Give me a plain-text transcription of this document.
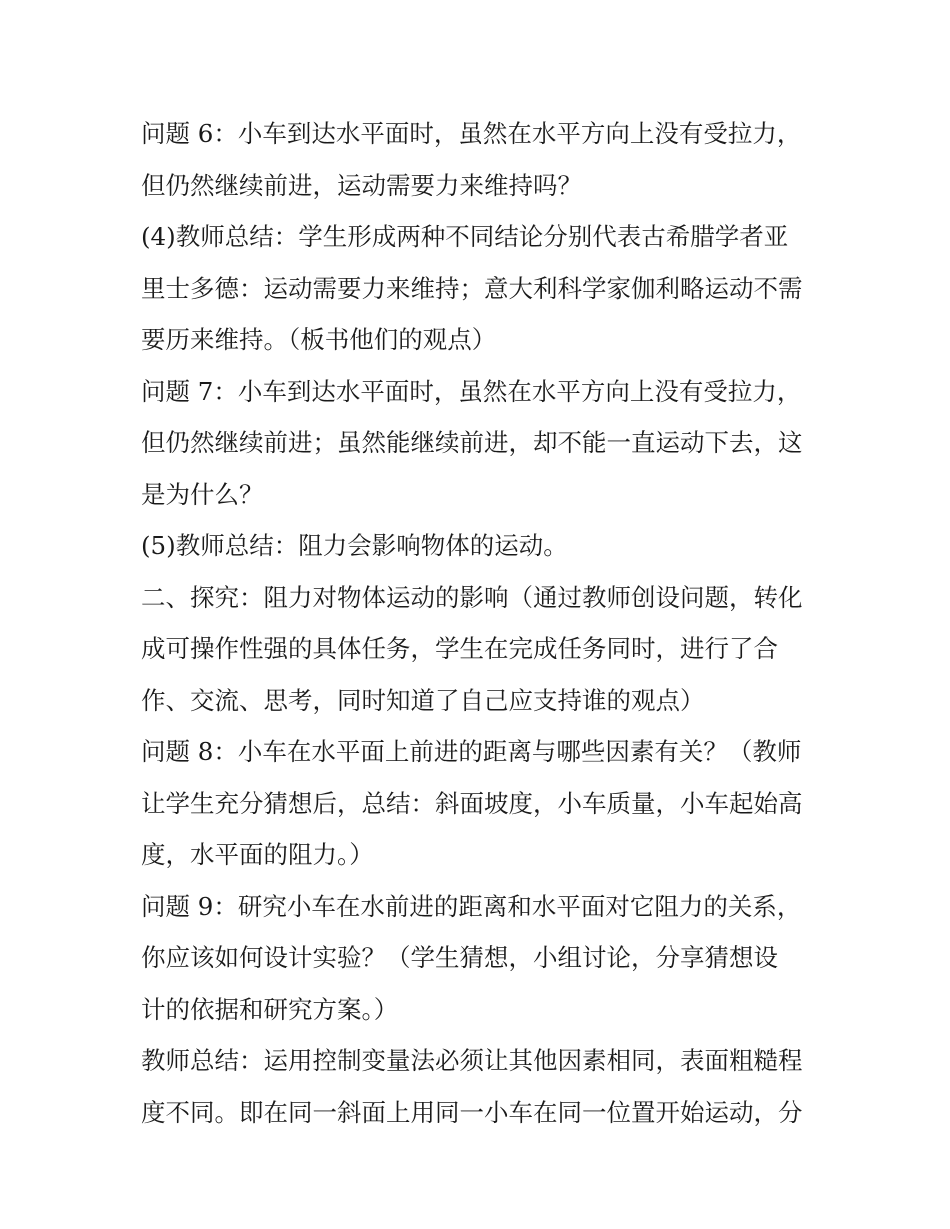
问题 6：小车到达水平面时，虽然在水平方向上没有受拉力，
但仍然继续前进，运动需要力来维持吗？
(4)教师总结：学生形成两种不同结论分别代表古希腊学者亚
里士多德：运动需要力来维持；意大利科学家伽利略运动不需
要历来维持。（板书他们的观点）
问题 7：小车到达水平面时，虽然在水平方向上没有受拉力，
但仍然继续前进；虽然能继续前进，却不能一直运动下去，这
是为什么？
(5)教师总结：阻力会影响物体的运动。
二、探究：阻力对物体运动的影响（通过教师创设问题，转化
成可操作性强的具体任务，学生在完成任务同时，进行了合
作、交流、思考，同时知道了自己应支持谁的观点）
问题 8：小车在水平面上前进的距离与哪些因素有关？（教师
让学生充分猜想后，总结：斜面坡度，小车质量，小车起始高
度，水平面的阻力。）
问题 9：研究小车在水前进的距离和水平面对它阻力的关系，
你应该如何设计实验？（学生猜想，小组讨论，分享猜想设
计的依据和研究方案。）
教师总结：运用控制变量法必须让其他因素相同，表面粗糙程
度不同。即在同一斜面上用同一小车在同一位置开始运动，分
